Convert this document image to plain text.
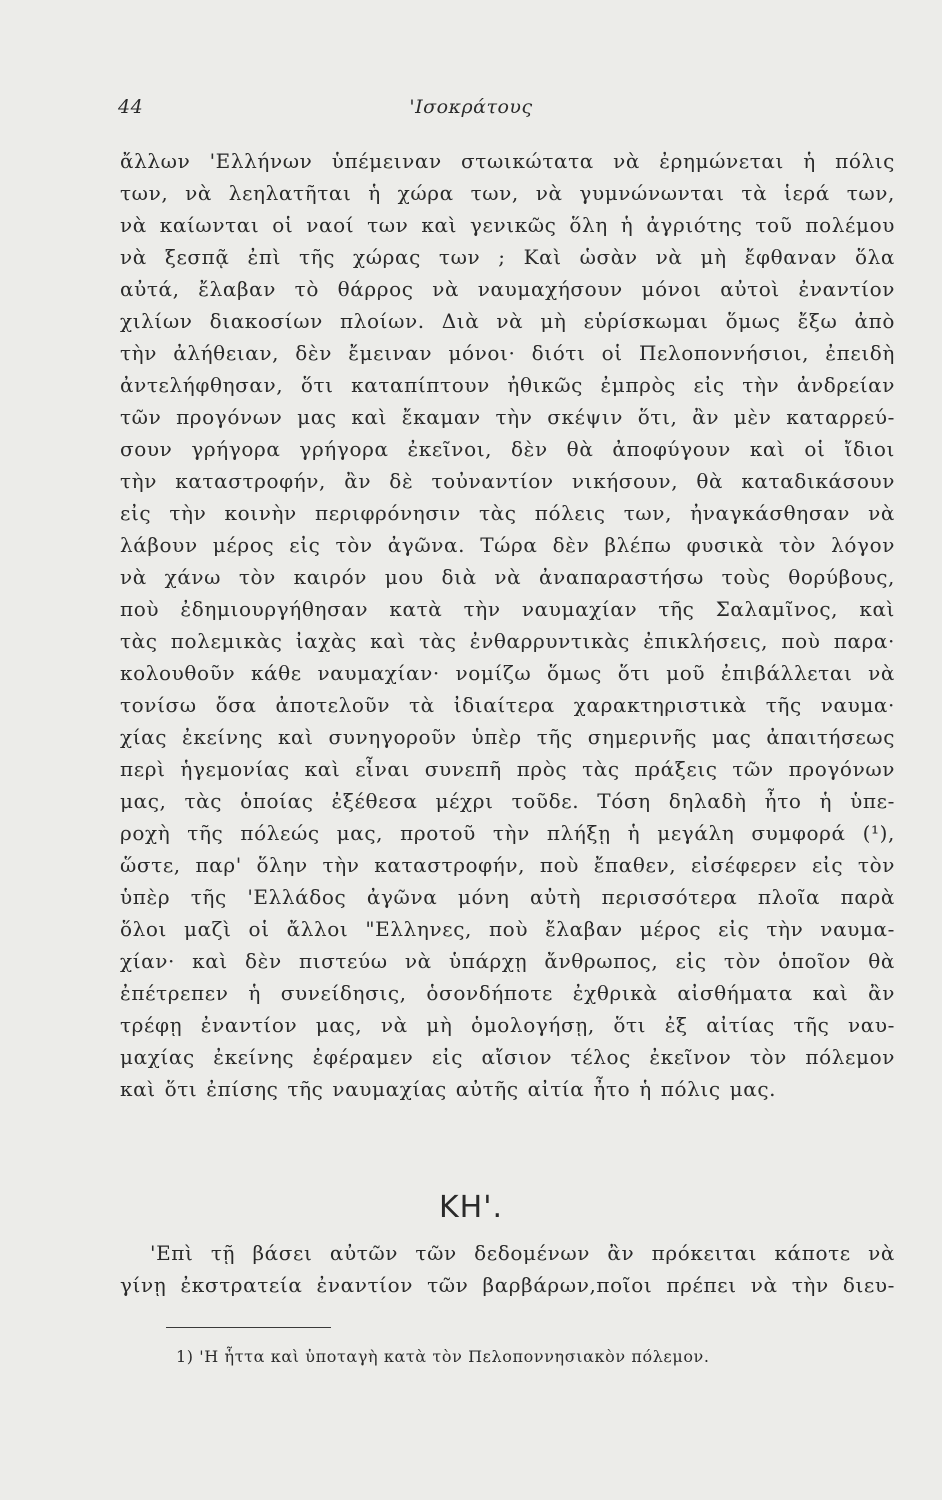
44	'Ισοκράτους
ἄλλων 'Ελλήνων ὑπέμειναν στωικώτατα νὰ ἐρημώνεται ἡ πόλις
των, νὰ λεηλατῆται ἡ χώρα των, νὰ γυμνώνωνται τὰ ἱερά των,
νὰ καίωνται οἱ ναοί των καὶ γενικῶς ὅλη ἡ ἀγριότης τοῦ πολέμου
νὰ ξεσπᾷ ἐπὶ τῆς χώρας των ; Καὶ ὡσὰν νὰ μὴ ἔφθαναν ὅλα
αὐτά, ἔλαβαν τὸ θάρρος νὰ ναυμαχήσουν μόνοι αὐτοὶ ἐναντίον
χιλίων διακοσίων πλοίων. Διὰ νὰ μὴ εὑρίσκωμαι ὅμως ἔξω ἀπὸ
τὴν ἀλήθειαν, δὲν ἔμειναν μόνοι· διότι οἱ Πελοποννήσιοι, ἐπειδὴ
ἀντελήφθησαν, ὅτι καταπίπτουν ἠθικῶς ἐμπρὸς εἰς τὴν ἀνδρείαν
τῶν προγόνων μας καὶ ἔκαμαν τὴν σκέψιν ὅτι, ἂν μὲν καταρρεύ-
σουν γρήγορα γρήγορα ἐκεῖνοι, δὲν θὰ ἀποφύγουν καὶ οἱ ἴδιοι
τὴν καταστροφήν, ἂν δὲ τοὐναντίον νικήσουν, θὰ καταδικάσουν
εἰς τὴν κοινὴν περιφρόνησιν τὰς πόλεις των, ἠναγκάσθησαν νὰ
λάβουν μέρος εἰς τὸν ἀγῶνα. Τώρα δὲν βλέπω φυσικὰ τὸν λόγον
νὰ χάνω τὸν καιρόν μου διὰ νὰ ἀναπαραστήσω τοὺς θορύβους,
ποὺ ἐδημιουργήθησαν κατὰ τὴν ναυμαχίαν τῆς Σαλαμῖνος, καὶ
τὰς πολεμικὰς ἰαχὰς καὶ τὰς ἐνθαρρυντικὰς ἐπικλήσεις, ποὺ παρα·
κολουθοῦν κάθε ναυμαχίαν· νομίζω ὅμως ὅτι μοῦ ἐπιβάλλεται νὰ
τονίσω ὅσα ἀποτελοῦν τὰ ἰδιαίτερα χαρακτηριστικὰ τῆς ναυμα·
χίας ἐκείνης καὶ συνηγοροῦν ὑπὲρ τῆς σημερινῆς μας ἀπαιτήσεως
περὶ ἡγεμονίας καὶ εἶναι συνεπῆ πρὸς τὰς πράξεις τῶν προγόνων
μας, τὰς ὁποίας ἐξέθεσα μέχρι τοῦδε. Τόση δηλαδὴ ἦτο ἡ ὑπε-
ροχὴ τῆς πόλεώς μας, προτοῦ τὴν πλήξῃ ἡ μεγάλη συμφορά (¹),
ὥστε, παρ' ὅλην τὴν καταστροφήν, ποὺ ἔπαθεν, εἰσέφερεν εἰς τὸν
ὑπὲρ τῆς 'Ελλάδος ἀγῶνα μόνη αὐτὴ περισσότερα πλοῖα παρὰ
ὅλοι μαζὶ οἱ ἄλλοι "Ελληνες, ποὺ ἔλαβαν μέρος εἰς τὴν ναυμα-
χίαν· καὶ δὲν πιστεύω νὰ ὑπάρχῃ ἄνθρωπος, εἰς τὸν ὁποῖον θὰ
ἐπέτρεπεν ἡ συνείδησις, ὁσονδήποτε ἐχθρικὰ αἰσθήματα καὶ ἂν
τρέφῃ ἐναντίον μας, νὰ μὴ ὁμολογήσῃ, ὅτι ἐξ αἰτίας τῆς ναυ-
μαχίας ἐκείνης ἐφέραμεν εἰς αἴσιον τέλος ἐκεῖνον τὸν πόλεμον
καὶ ὅτι ἐπίσης τῆς ναυμαχίας αὐτῆς αἰτία ἦτο ἡ πόλις μας.
ΚΗ'.
'Επὶ τῇ βάσει αὐτῶν τῶν δεδομένων ἂν πρόκειται κάποτε νὰ
γίνῃ ἐκστρατεία ἐναντίον τῶν βαρβάρων,ποῖοι πρέπει νὰ τὴν διευ-
1) 'Η ἧττα καὶ ὑποταγὴ κατὰ τὸν Πελοποννησιακὸν πόλεμον.
